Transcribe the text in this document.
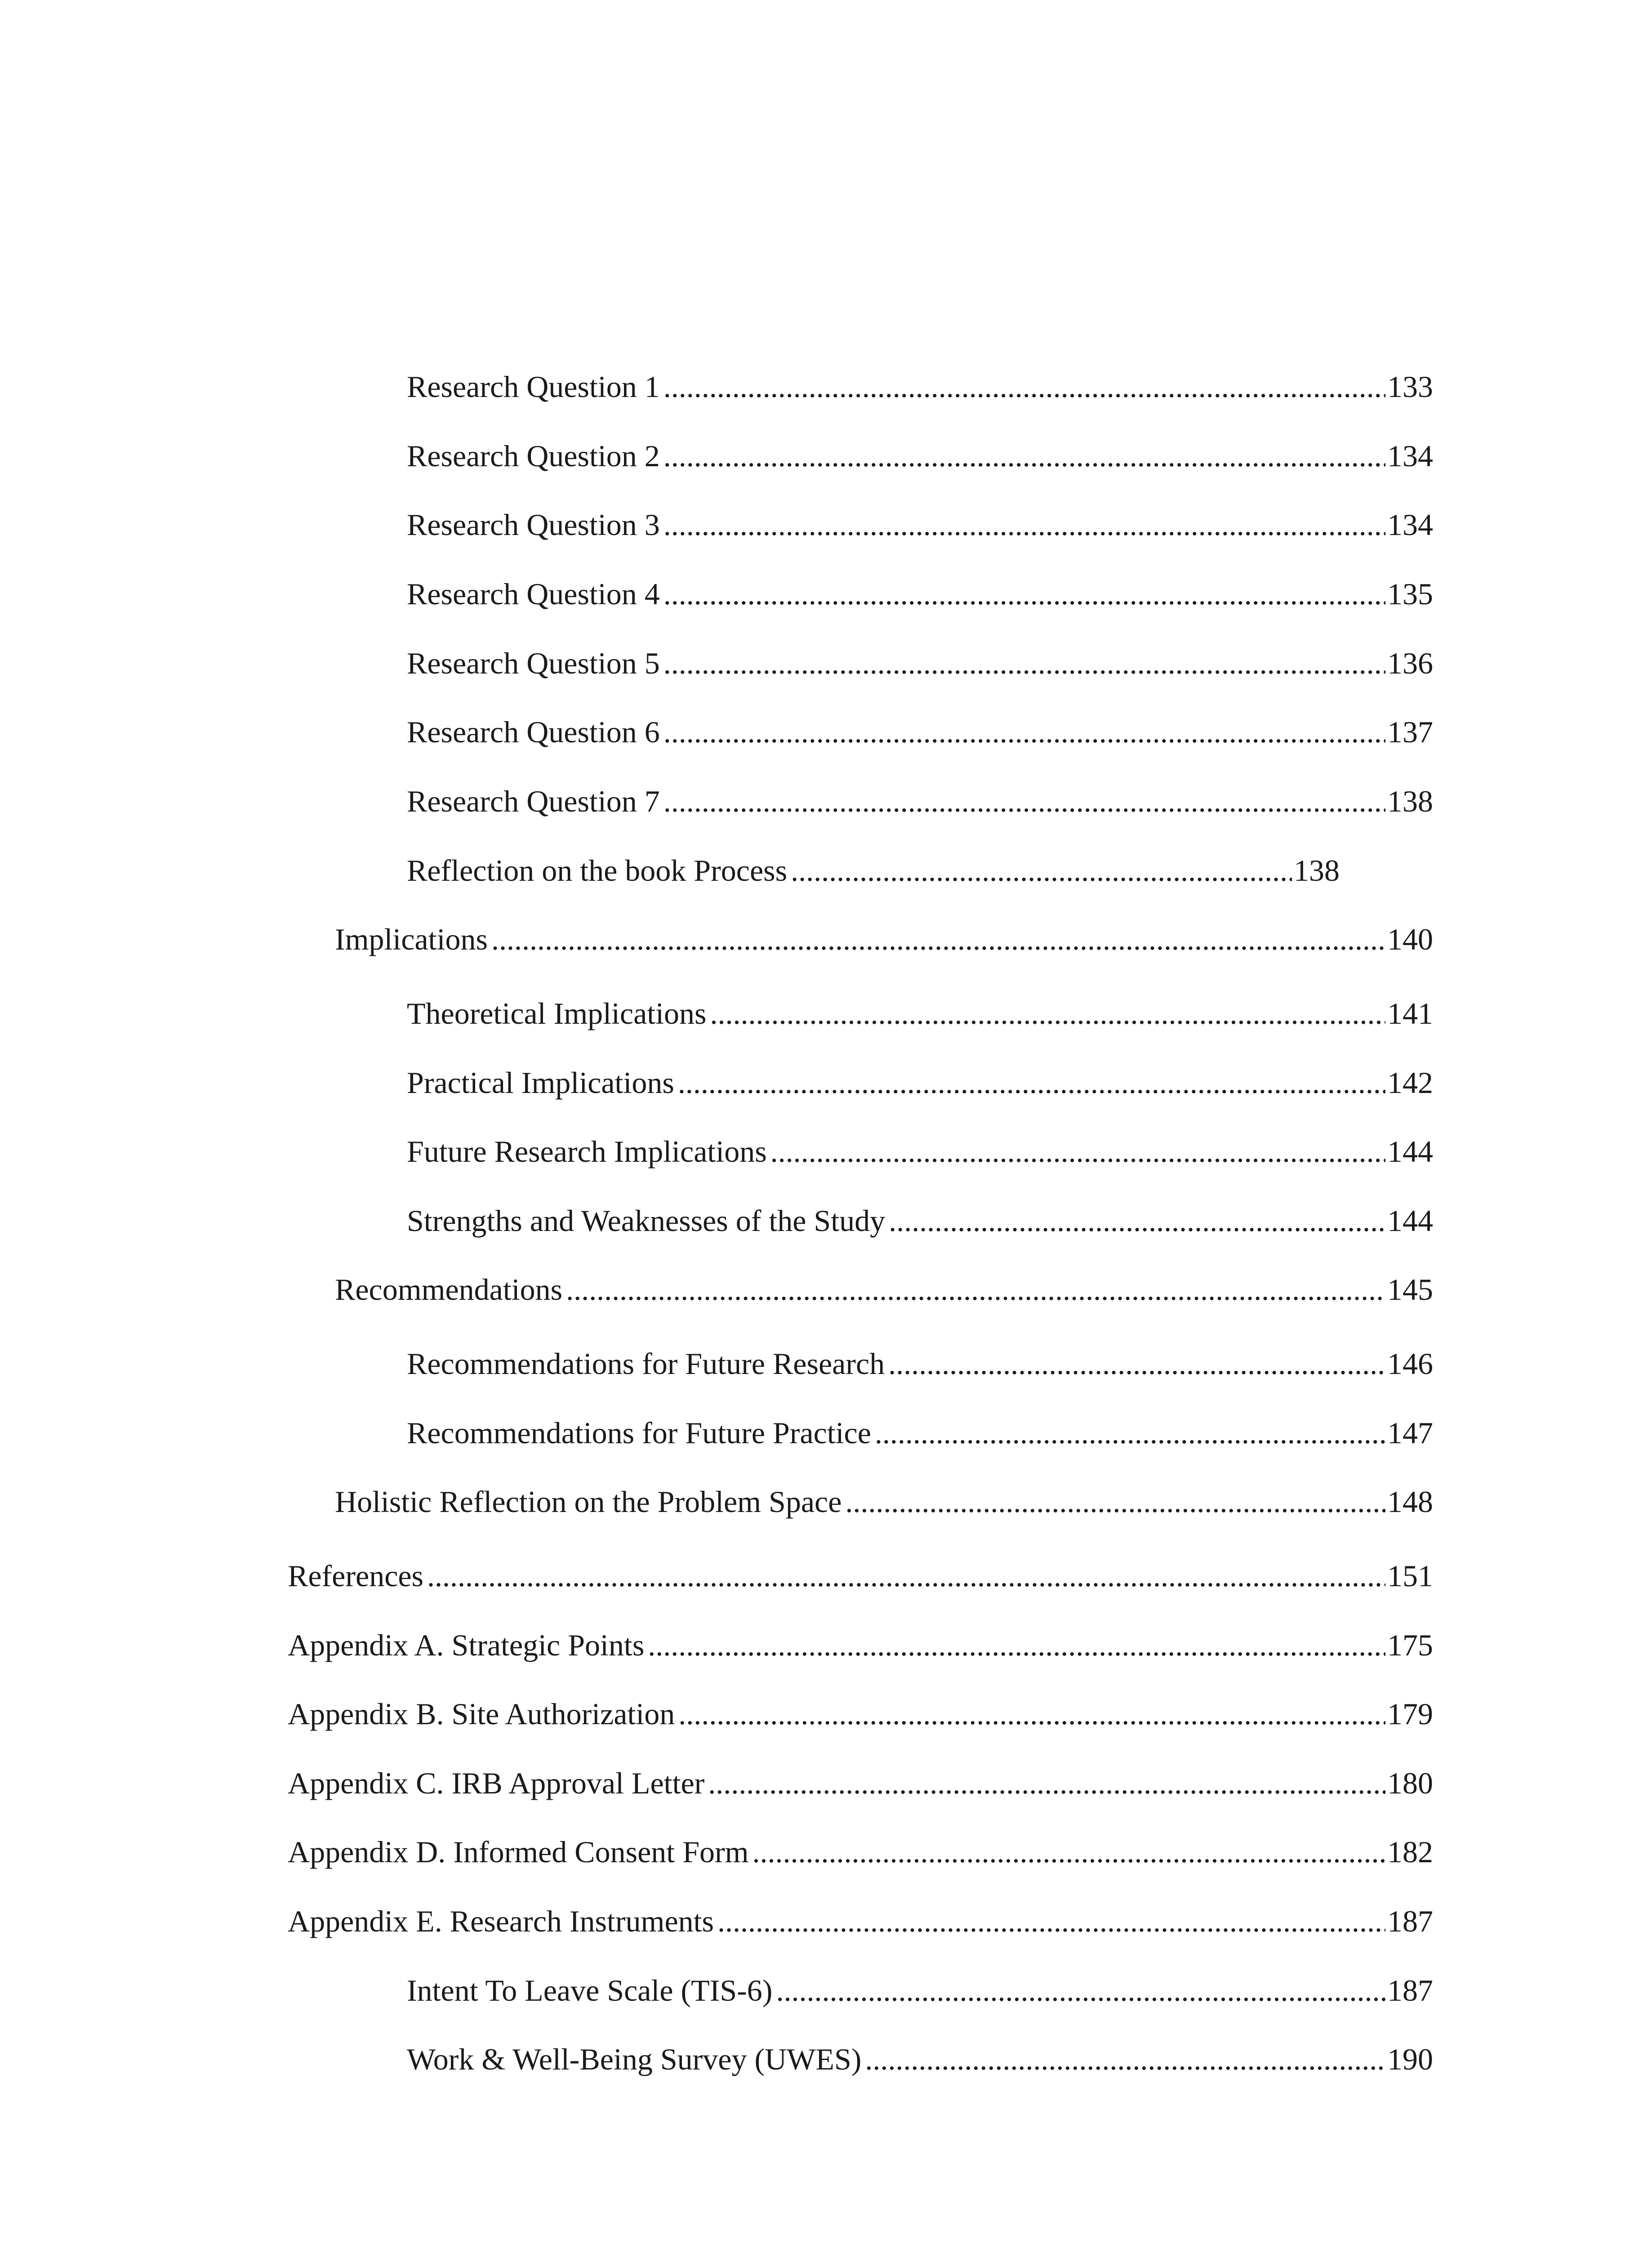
Research Question 1 .....	133
Research Question 2 .....	134
Research Question 3 .....	134
Research Question 4 .....	135
Research Question 5 .....	136
Research Question 6 .....	137
Research Question 7 .....	138
Reflection on the book Process .....	138
Implications .....	140
Theoretical Implications .....	141
Practical Implications .....	142
Future Research Implications .....	144
Strengths and Weaknesses of the Study .....	144
Recommendations .....	145
Recommendations for Future Research .....	146
Recommendations for Future Practice .....	147
Holistic Reflection on the Problem Space .....	148
References .....	151
Appendix A. Strategic Points .....	175
Appendix B. Site Authorization .....	179
Appendix C. IRB Approval Letter .....	180
Appendix D. Informed Consent Form .....	182
Appendix E. Research Instruments .....	187
Intent To Leave Scale (TIS-6) .....	187
Work & Well-Being Survey (UWES) .....	190
